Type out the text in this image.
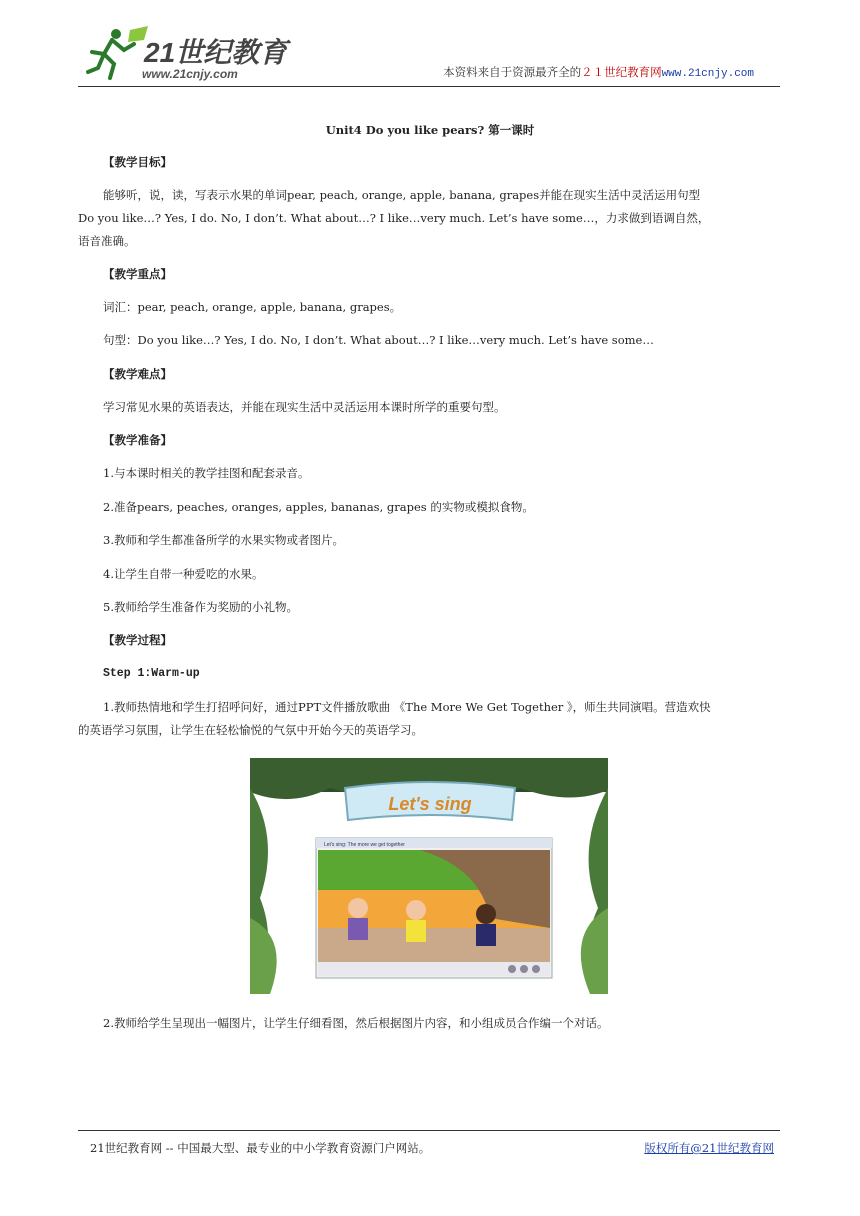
21世纪教育
www.21cnjy.com	本资料来自于资源最齐全的２１世纪教育网www.21cnjy.com
Unit4 Do you like pears? 第一课时
【教学目标】
能够听，说，读，写表示水果的单词pear, peach, orange, apple, banana, grapes并能在现实生活中灵活运用句型
Do you like…? Yes, I do. No, I don’t. What about…? I like…very much. Let’s have some…，力求做到语调自然，
语音准确。
【教学重点】
词汇：pear, peach, orange, apple, banana, grapes。
句型：Do you like…? Yes, I do. No, I don’t. What about…? I like…very much. Let’s have some…
【教学难点】
学习常见水果的英语表达，并能在现实生活中灵活运用本课时所学的重要句型。
【教学准备】
1.与本课时相关的教学挂图和配套录音。
2.准备pears, peaches, oranges, apples, bananas, grapes 的实物或模拟食物。
3.教师和学生都准备所学的水果实物或者图片。
4.让学生自带一种爱吃的水果。
5.教师给学生准备作为奖励的小礼物。
【教学过程】
Step 1:Warm-up
1.教师热情地和学生打招呼问好，通过PPT文件播放歌曲 《The More We Get Together 》，师生共同演唱。营造欢快
的英语学习氛围，让学生在轻松愉悦的气氛中开始今天的英语学习。
Let's sing
Let's sing: The more we get together
2.教师给学生呈现出一幅图片，让学生仔细看图，然后根据图片内容，和小组成员合作编一个对话。
21世纪教育网 -- 中国最大型、最专业的中小学教育资源门户网站。	版权所有@21世纪教育网
